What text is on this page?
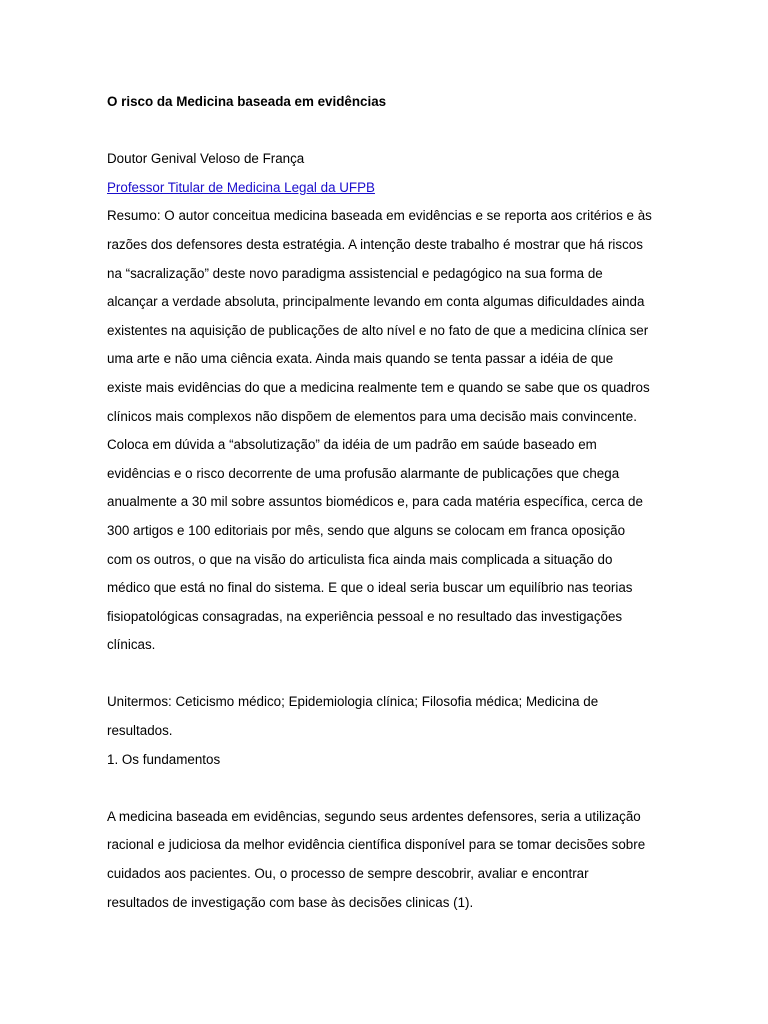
O risco da Medicina baseada em evidências
Doutor Genival Veloso de França
Professor Titular de Medicina Legal da UFPB
Resumo: O autor conceitua medicina baseada em evidências e se reporta aos critérios e às
razões dos defensores desta estratégia. A intenção deste trabalho é mostrar que há riscos
na “sacralização” deste novo paradigma assistencial e pedagógico na sua forma de
alcançar a verdade absoluta, principalmente levando em conta algumas dificuldades ainda
existentes na aquisição de publicações de alto nível e no fato de que a medicina clínica ser
uma arte e não uma ciência exata. Ainda mais quando se tenta passar a idéia de que
existe mais evidências do que a medicina realmente tem e quando se sabe que os quadros
clínicos mais complexos não dispõem de elementos para uma decisão mais convincente.
Coloca em dúvida a “absolutização” da idéia de um padrão em saúde baseado em
evidências e o risco decorrente de uma profusão alarmante de publicações que chega
anualmente a 30 mil sobre assuntos biomédicos e, para cada matéria específica, cerca de
300 artigos e 100 editoriais por mês, sendo que alguns se colocam em franca oposição
com os outros, o que na visão do articulista fica ainda mais complicada a situação do
médico que está no final do sistema. E que o ideal seria buscar um equilíbrio nas teorias
fisiopatológicas consagradas, na experiência pessoal e no resultado das investigações
clínicas.
Unitermos: Ceticismo médico; Epidemiologia clínica; Filosofia médica; Medicina de
resultados.
1. Os fundamentos
A medicina baseada em evidências, segundo seus ardentes defensores, seria a utilização
racional e judiciosa da melhor evidência científica disponível para se tomar decisões sobre
cuidados aos pacientes. Ou, o processo de sempre descobrir, avaliar e encontrar
resultados de investigação com base às decisões clinicas (1).
